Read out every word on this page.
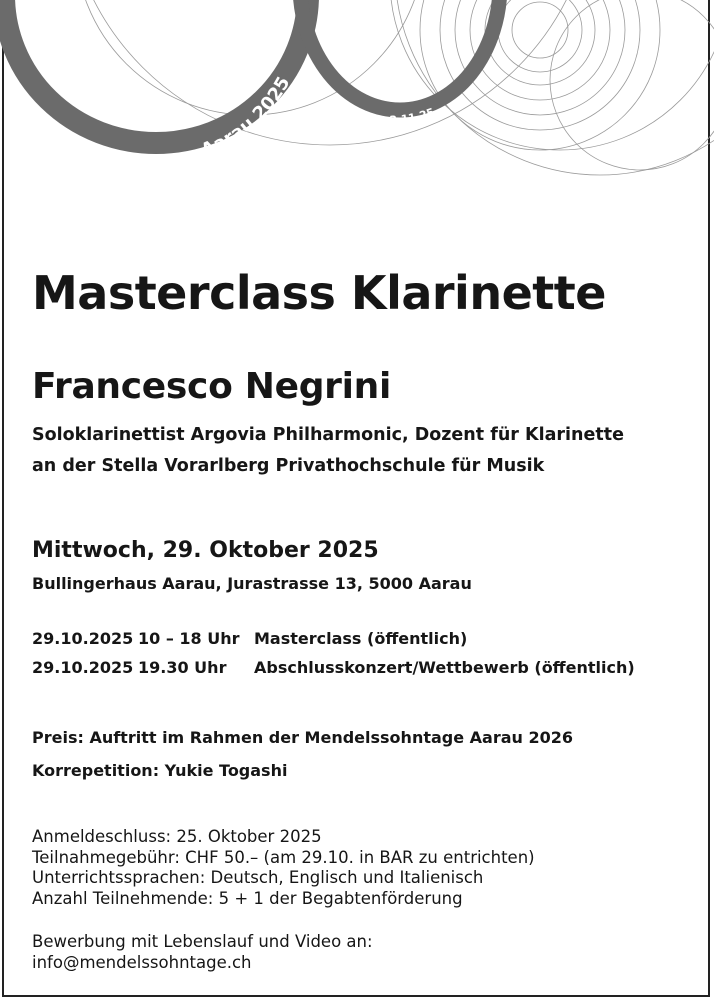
Mendelssohntage Aarau 2025
29.10. - 2.11.25
Masterclass Klarinette
Francesco Negrini
Soloklarinettist Argovia Philharmonic, Dozent für Klarinette
an der Stella Vorarlberg Privathochschule für Musik
Mittwoch, 29. Oktober 2025
Bullingerhaus Aarau, Jurastrasse 13, 5000 Aarau
29.10.2025 10 – 18 Uhr Masterclass (öffentlich)
29.10.2025 19.30 Uhr Abschlusskonzert/Wettbewerb (öffentlich)
Preis: Auftritt im Rahmen der Mendelssohntage Aarau 2026
Korrepetition: Yukie Togashi
Anmeldeschluss: 25. Oktober 2025
Teilnahmegebühr: CHF 50.– (am 29.10. in BAR zu entrichten)
Unterrichtssprachen: Deutsch, Englisch und Italienisch
Anzahl Teilnehmende: 5 + 1 der Begabtenförderung
Bewerbung mit Lebenslauf und Video an:
info@mendelssohntage.ch
